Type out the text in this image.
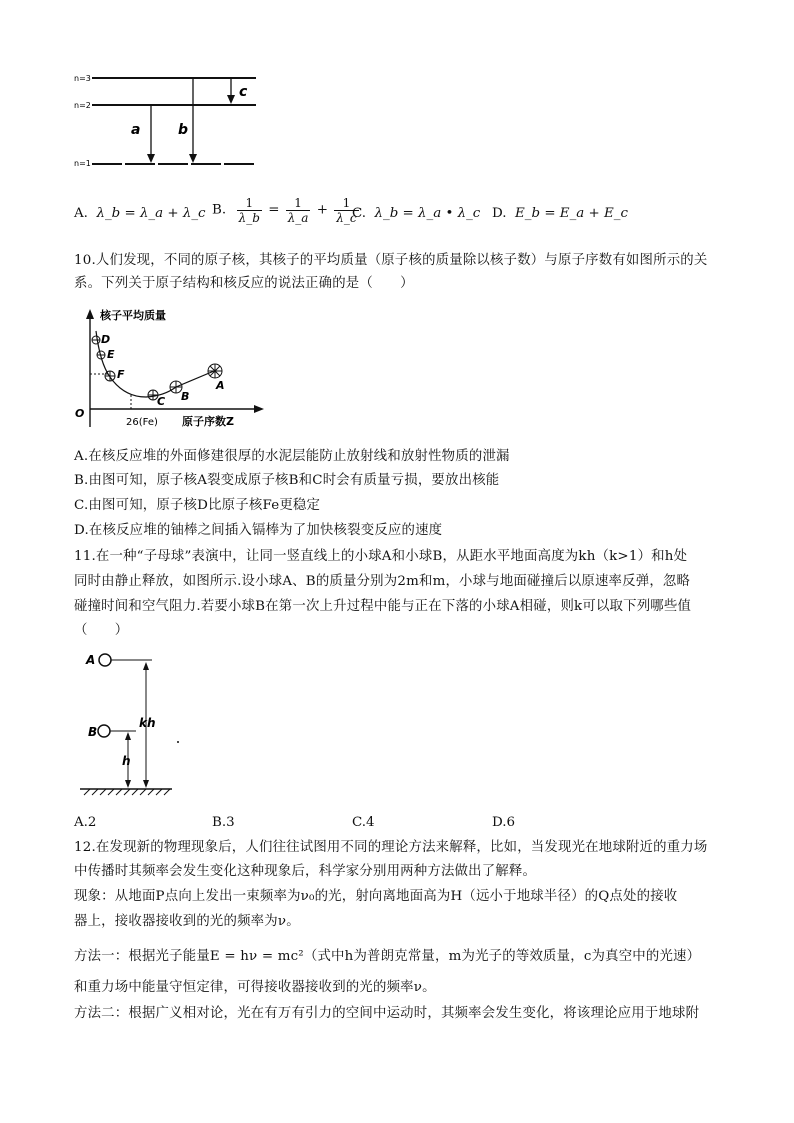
n=3
n=2
n=1
a	b
c
A. λ_b = λ_a + λ_c B. $\frac{1}{\lambda\_b} = \frac{1}{\lambda\_a} + \frac{1}{\lambda\_c}$
C. λ_b = λ_a • λ_c D. E_b = E_a + E_c
10.人们发现，不同的原子核，其核子的平均质量（原子核的质量除以核子数）与原子序数有如图所示的关
系。下列关于原子结构和核反应的说法正确的是（　　）
核子平均质量
原子序数Z
O
26(Fe)
D
E
F
C B
A
A.在核反应堆的外面修建很厚的水泥层能防止放射线和放射性物质的泄漏
B.由图可知，原子核A裂变成原子核B和C时会有质量亏损，要放出核能
C.由图可知，原子核D比原子核Fe更稳定
D.在核反应堆的铀棒之间插入镉棒为了加快核裂变反应的速度
11.在一种“子母球”表演中，让同一竖直线上的小球A和小球B，从距水平地面高度为kh（k>1）和h处
同时由静止释放，如图所示.设小球A、B的质量分别为2m和m，小球与地面碰撞后以原速率反弹，忽略
碰撞时间和空气阻力.若要小球B在第一次上升过程中能与正在下落的小球A相碰，则k可以取下列哪些值
（　　）
A
B
kh
h
A.2	B.3	C.4	D.6
12.在发现新的物理现象后，人们往往试图用不同的理论方法来解释，比如，当发现光在地球附近的重力场
中传播时其频率会发生变化这种现象后，科学家分别用两种方法做出了解释。
现象：从地面P点向上发出一束频率为ν₀的光，射向离地面高为H（远小于地球半径）的Q点处的接收
器上，接收器接收到的光的频率为ν。
方法一：根据光子能量E = hν = mc²（式中h为普朗克常量，m为光子的等效质量，c为真空中的光速）
和重力场中能量守恒定律，可得接收器接收到的光的频率ν。
方法二：根据广义相对论，光在有万有引力的空间中运动时，其频率会发生变化，将该理论应用于地球附
